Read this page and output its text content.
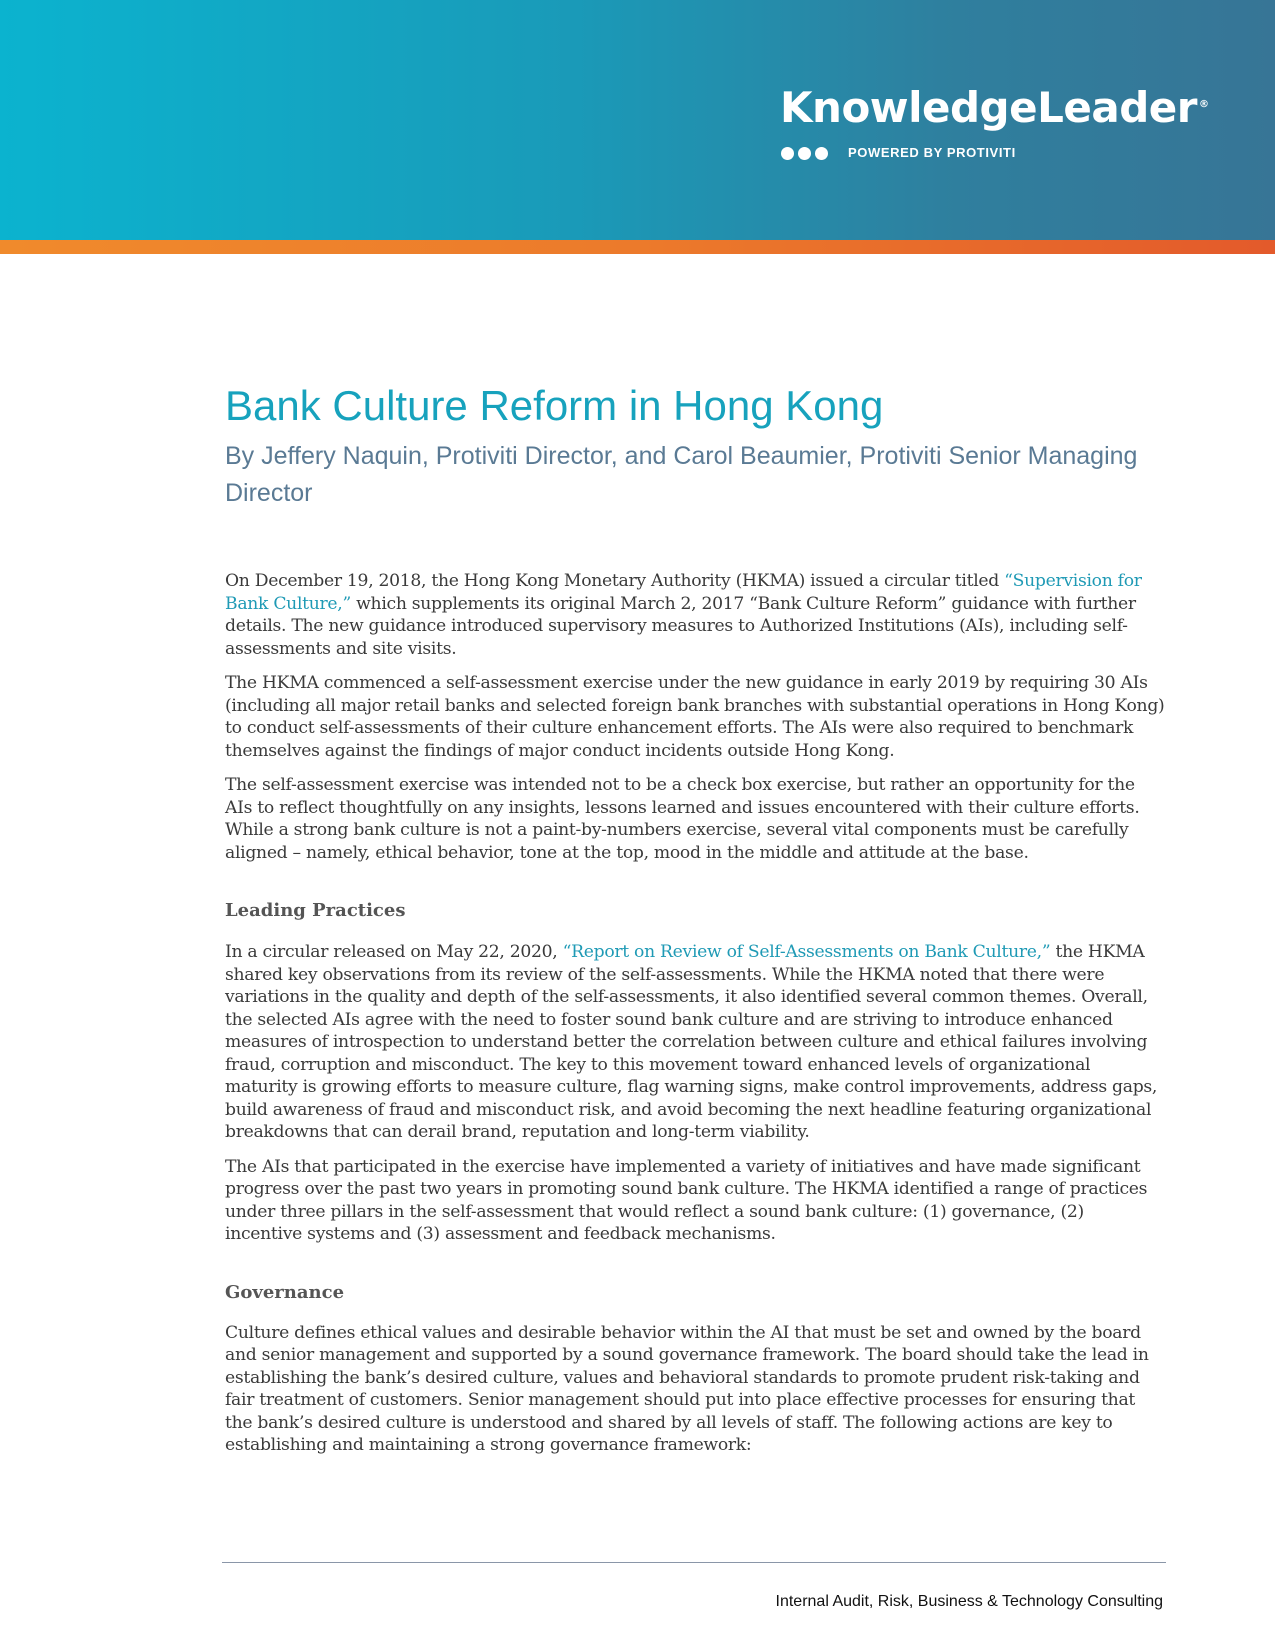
KnowledgeLeader ®
POWERED BY PROTIVITI
Bank Culture Reform in Hong Kong

By Jeffery Naquin, Protiviti Director, and Carol Beaumier, Protiviti Senior Managing Director

On December 19, 2018, the Hong Kong Monetary Authority (HKMA) issued a circular titled “Supervision for Bank Culture,” which supplements its original March 2, 2017 “Bank Culture Reform” guidance with further details. The new guidance introduced supervisory measures to Authorized Institutions (AIs), including self-assessments and site visits.

The HKMA commenced a self-assessment exercise under the new guidance in early 2019 by requiring 30 AIs (including all major retail banks and selected foreign bank branches with substantial operations in Hong Kong) to conduct self-assessments of their culture enhancement efforts. The AIs were also required to benchmark themselves against the findings of major conduct incidents outside Hong Kong.

The self-assessment exercise was intended not to be a check box exercise, but rather an opportunity for the AIs to reflect thoughtfully on any insights, lessons learned and issues encountered with their culture efforts. While a strong bank culture is not a paint-by-numbers exercise, several vital components must be carefully aligned – namely, ethical behavior, tone at the top, mood in the middle and attitude at the base.

Leading Practices

In a circular released on May 22, 2020, “Report on Review of Self-Assessments on Bank Culture,” the HKMA shared key observations from its review of the self-assessments. While the HKMA noted that there were variations in the quality and depth of the self-assessments, it also identified several common themes. Overall, the selected AIs agree with the need to foster sound bank culture and are striving to introduce enhanced measures of introspection to understand better the correlation between culture and ethical failures involving fraud, corruption and misconduct. The key to this movement toward enhanced levels of organizational maturity is growing efforts to measure culture, flag warning signs, make control improvements, address gaps, build awareness of fraud and misconduct risk, and avoid becoming the next headline featuring organizational breakdowns that can derail brand, reputation and long-term viability.

The AIs that participated in the exercise have implemented a variety of initiatives and have made significant progress over the past two years in promoting sound bank culture. The HKMA identified a range of practices under three pillars in the self-assessment that would reflect a sound bank culture: (1) governance, (2) incentive systems and (3) assessment and feedback mechanisms.

Governance

Culture defines ethical values and desirable behavior within the AI that must be set and owned by the board and senior management and supported by a sound governance framework. The board should take the lead in establishing the bank’s desired culture, values and behavioral standards to promote prudent risk-taking and fair treatment of customers. Senior management should put into place effective processes for ensuring that the bank’s desired culture is understood and shared by all levels of staff. The following actions are key to establishing and maintaining a strong governance framework:

Internal Audit, Risk, Business & Technology Consulting
